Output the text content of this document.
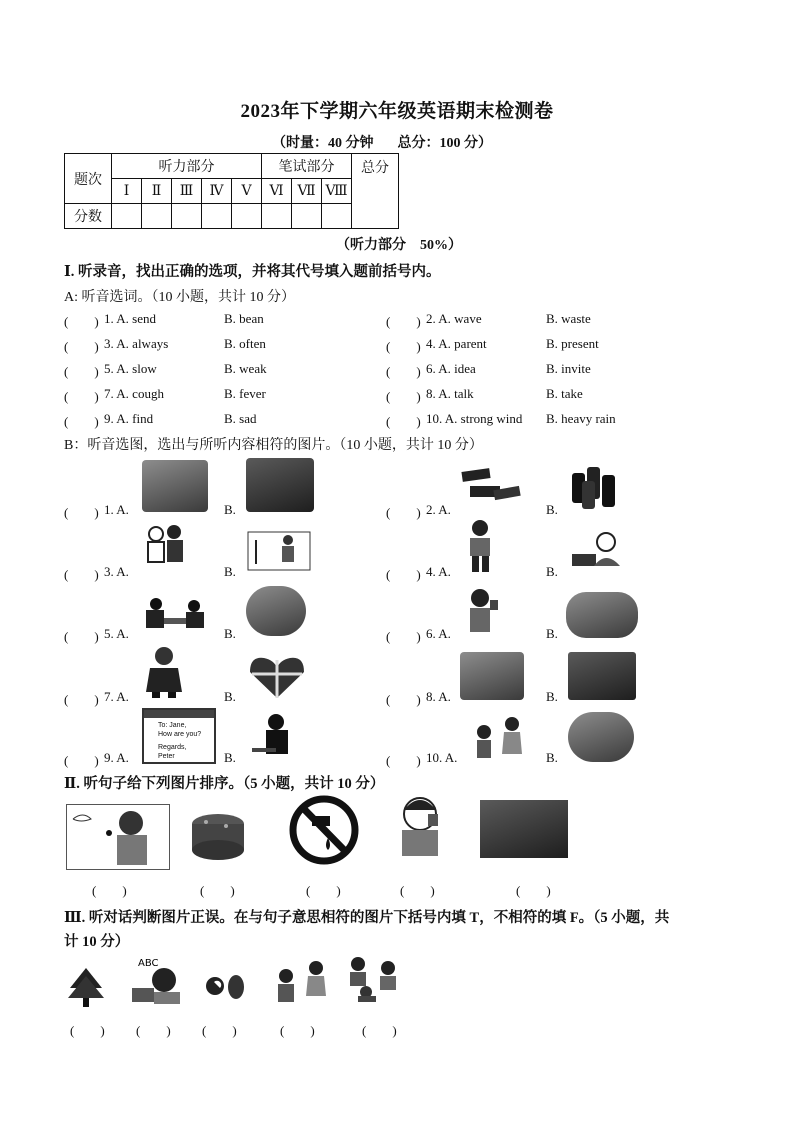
2023年下学期六年级英语期末检测卷
（时量：40 分钟 总分：100 分）
题次	听力部分					笔试部分			总分
	Ⅰ	Ⅱ	Ⅲ	Ⅳ	Ⅴ	Ⅵ	Ⅶ	Ⅷ	
分数									
（听力部分　50%）
Ⅰ. 听录音，找出正确的选项，并将其代号填入题前括号内。
A: 听音选词。（10 小题，共计 10 分）
(　　) 1. A. send	B. bean	(　　) 2. A. wave	B. waste
(　　) 3. A. always	B. often	(　　) 4. A. parent	B. present
(　　) 5. A. slow	B. weak	(　　) 6. A. idea	B. invite
(　　) 7. A. cough	B. fever	(　　) 8. A. talk	B. take
(　　) 9. A. find	B. sad	(　　) 10. A. strong wind B. heavy rain
B：听音选图，选出与所听内容相符的图片。（10 小题，共计 10 分）
(　　) 1. A.	B.	(　　) 2. A.	B.
(　　) 3. A.	B.	(　　) 4. A.	B.
(　　) 5. A.	B.	(　　) 6. A.	B.
(　　) 7. A.	B.	(　　) 8. A.	B.
(　　) 9. A.	B.	(　　) 10. A.	B.
To: Jane,
How are you?
Regards,
Peter
Ⅱ. 听句子给下列图片排序。（5 小题，共计 10 分）
(　　)	(　　)	(　　)	(　　)	(　　)
Ⅲ. 听对话判断图片正误。在与句子意思相符的图片下括号内填 T，不相符的填 F。（5 小题，共
计 10 分）
ABC
(　　) (　　) (　　)	(　　)	(　　)
